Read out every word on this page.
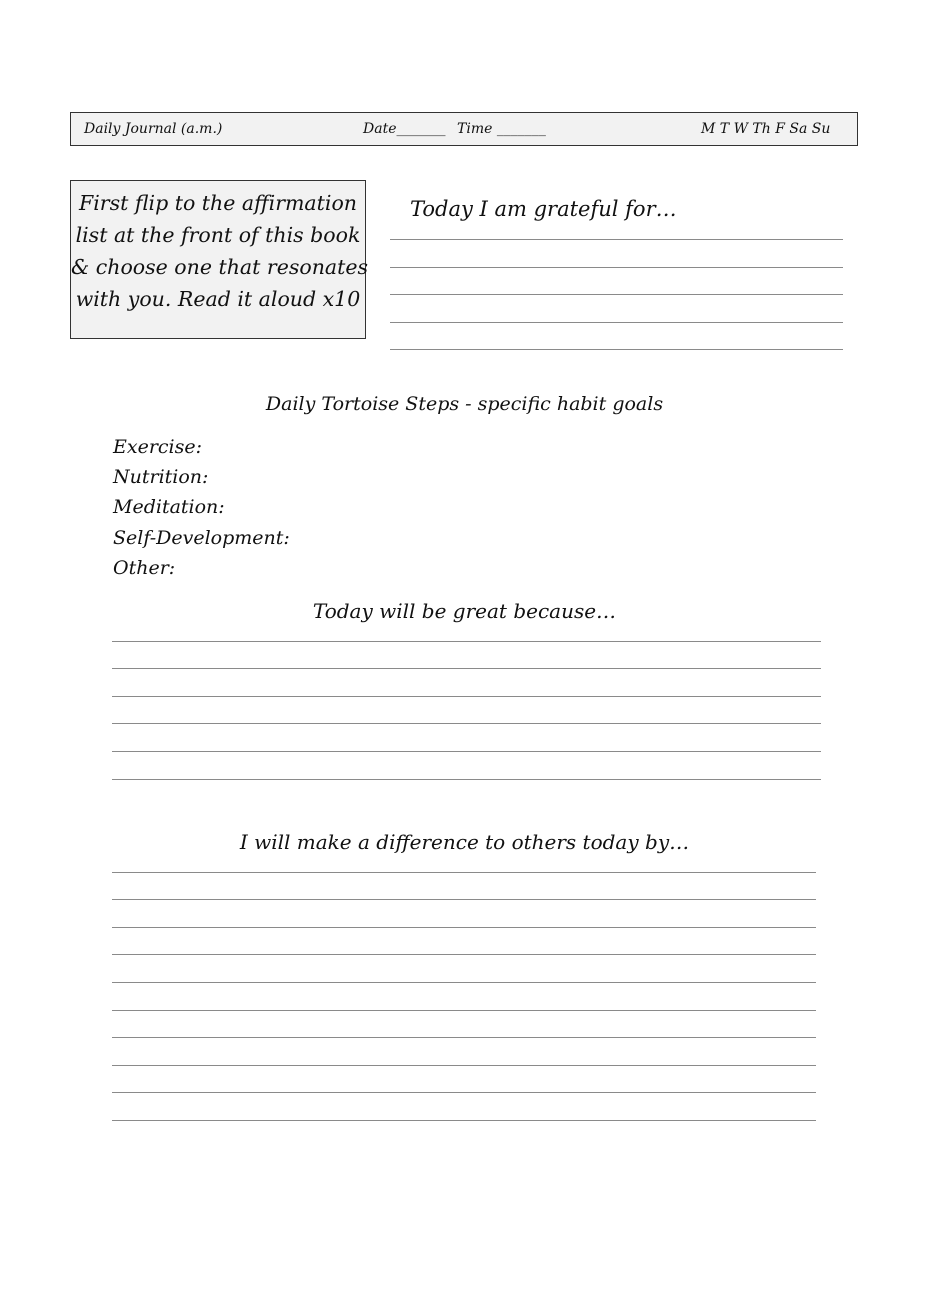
Daily Journal (a.m.)	Date_______ Time _______	M T W Th F Sa Su
First flip to the affirmation
list at the front of this book
& choose one that resonates
with you. Read it aloud x10
Today I am grateful for…
Daily Tortoise Steps - specific habit goals
Exercise:
Nutrition:
Meditation:
Self-Development:
Other:
Today will be great because…
I will make a difference to others today by…
